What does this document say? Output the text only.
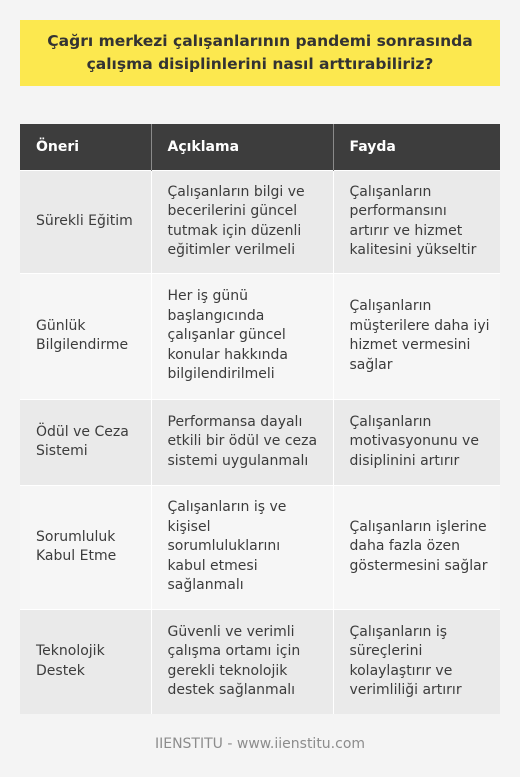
Çağrı merkezi çalışanlarının pandemi sonrasında çalışma disiplinlerini nasıl arttırabiliriz?
Öneri	Açıklama	Fayda
Sürekli Eğitim	Çalışanların bilgi ve becerilerini güncel tutmak için düzenli eğitimler verilmeli	Çalışanların performansını artırır ve hizmet kalitesini yükseltir
Günlük Bilgilendirme	Her iş günü başlangıcında çalışanlar güncel konular hakkında bilgilendirilmeli	Çalışanların müşterilere daha iyi hizmet vermesini sağlar
Ödül ve Ceza Sistemi	Performansa dayalı etkili bir ödül ve ceza sistemi uygulanmalı	Çalışanların motivasyonunu ve disiplinini artırır
Sorumluluk Kabul Etme	Çalışanların iş ve kişisel sorumluluklarını kabul etmesi sağlanmalı	Çalışanların işlerine daha fazla özen göstermesini sağlar
Teknolojik Destek	Güvenli ve verimli çalışma ortamı için gerekli teknolojik destek sağlanmalı	Çalışanların iş süreçlerini kolaylaştırır ve verimliliği artırır
IIENSTITU - www.iienstitu.com
